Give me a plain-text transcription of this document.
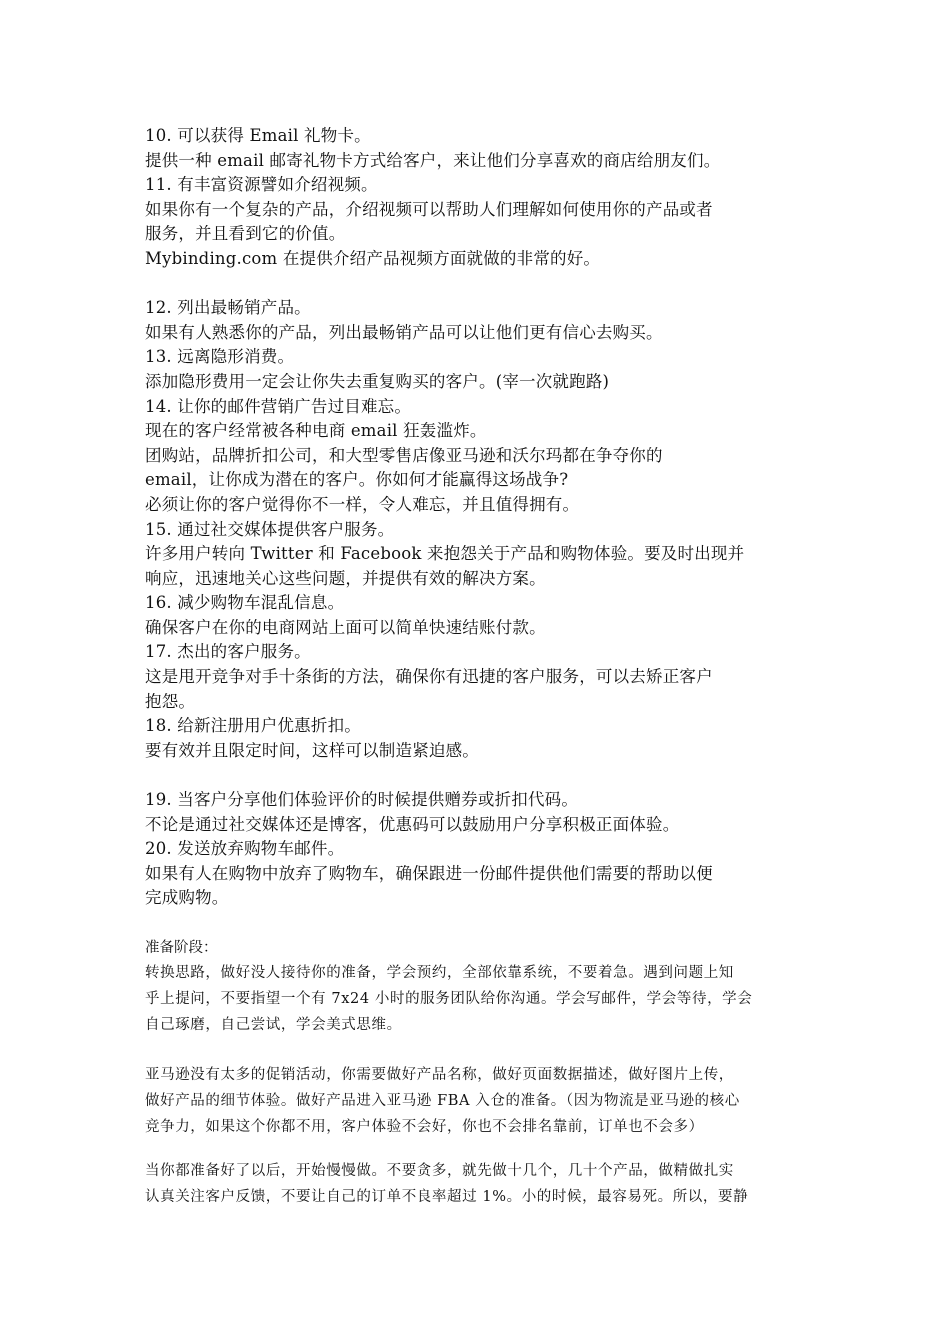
10. 可以获得 Email 礼物卡。
提供一种 email 邮寄礼物卡方式给客户，来让他们分享喜欢的商店给朋友们。
11. 有丰富资源譬如介绍视频。
如果你有一个复杂的产品，介绍视频可以帮助人们理解如何使用你的产品或者
服务，并且看到它的价值。
Mybinding.com 在提供介绍产品视频方面就做的非常的好。
12. 列出最畅销产品。
如果有人熟悉你的产品，列出最畅销产品可以让他们更有信心去购买。
13. 远离隐形消费。
添加隐形费用一定会让你失去重复购买的客户。(宰一次就跑路)
14. 让你的邮件营销广告过目难忘。
现在的客户经常被各种电商 email 狂轰滥炸。
团购站，品牌折扣公司，和大型零售店像亚马逊和沃尔玛都在争夺你的
email，让你成为潜在的客户。你如何才能赢得这场战争?
必须让你的客户觉得你不一样，令人难忘，并且值得拥有。
15. 通过社交媒体提供客户服务。
许多用户转向 Twitter 和 Facebook 来抱怨关于产品和购物体验。要及时出现并
响应，迅速地关心这些问题，并提供有效的解决方案。
16. 减少购物车混乱信息。
确保客户在你的电商网站上面可以简单快速结账付款。
17. 杰出的客户服务。
这是甩开竞争对手十条街的方法，确保你有迅捷的客户服务，可以去矫正客户
抱怨。
18. 给新注册用户优惠折扣。
要有效并且限定时间，这样可以制造紧迫感。
19. 当客户分享他们体验评价的时候提供赠券或折扣代码。
不论是通过社交媒体还是博客，优惠码可以鼓励用户分享积极正面体验。
20. 发送放弃购物车邮件。
如果有人在购物中放弃了购物车，确保跟进一份邮件提供他们需要的帮助以便
完成购物。
准备阶段：
转换思路，做好没人接待你的准备，学会预约，全部依靠系统，不要着急。遇到问题上知
乎上提问，不要指望一个有 7x24 小时的服务团队给你沟通。学会写邮件，学会等待，学会
自己琢磨，自己尝试，学会美式思维。
亚马逊没有太多的促销活动，你需要做好产品名称，做好页面数据描述，做好图片上传，
做好产品的细节体验。做好产品进入亚马逊 FBA 入仓的准备。（因为物流是亚马逊的核心
竞争力，如果这个你都不用，客户体验不会好，你也不会排名靠前，订单也不会多）
当你都准备好了以后，开始慢慢做。不要贪多，就先做十几个，几十个产品，做精做扎实
认真关注客户反馈，不要让自己的订单不良率超过 1%。小的时候，最容易死。所以，要静
